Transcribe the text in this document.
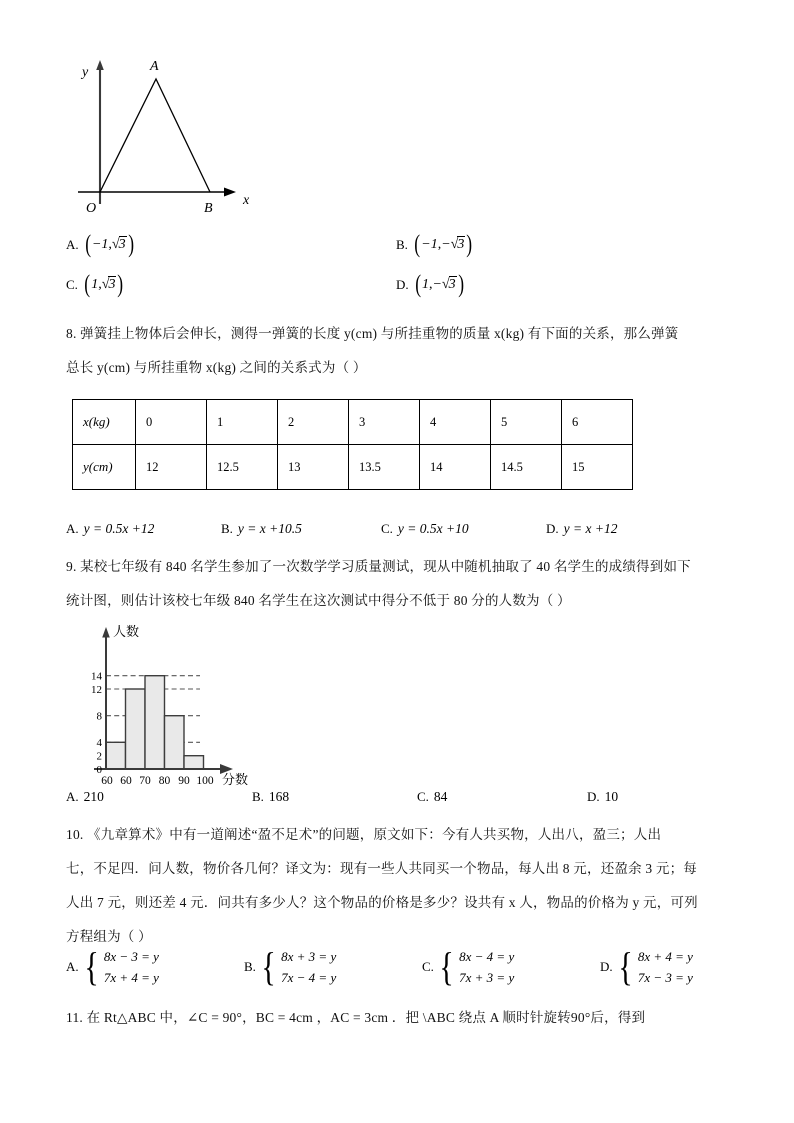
y
x
O
A
B
A. ( −1 , √ 3 )	B. ( −1 , − √ 3 )
C. ( 1 , √ 3 )	D. ( 1 , − √ 3 )
8. 弹簧挂上物体后会伸长，测得一弹簧的长度 y(cm) 与所挂重物的质量 x(kg) 有下面的关系，那么弹簧
总长 y(cm) 与所挂重物 x(kg) 之间的关系式为（ ）
x(kg)	0	1	2	3	4	5	6
y(cm)	12	12.5	13	13.5	14	14.5	15
A. y = 0.5x +12	B. y = x +10.5	C. y = 0.5x +10	D. y = x +12
9. 某校七年级有 840 名学生参加了一次数学学习质量测试，现从中随机抽取了 40 名学生的成绩得到如下
统计图，则估计该校七年级 840 名学生在这次测试中得分不低于 80 分的人数为（ ）
0
2
4
8
12
14
人数
60 60 70 80 90 100 分数
A. 210	B. 168	C. 84	D. 10
10. 《九章算术》中有一道阐述“盈不足术”的问题，原文如下：今有人共买物，人出八，盈三；人出
七，不足四．问人数，物价各几何？译文为：现有一些人共同买一个物品，每人出 8 元，还盈余 3 元；每
人出 7 元，则还差 4 元．问共有多少人？这个物品的价格是多少？设共有 x 人，物品的价格为 y 元，可列
方程组为（ ）
A. { 8x − 3 = y
7x + 4 = y
B. { 8x + 3 = y
7x − 4 = y
C. { 8x − 4 = y
7x + 3 = y
D. { 8x + 4 = y
7x − 3 = y
11. 在 Rt△ABC 中，∠C = 90°，BC = 4cm ，AC = 3cm ．把 \ABC 绕点 A 顺时针旋转90°后，得到
